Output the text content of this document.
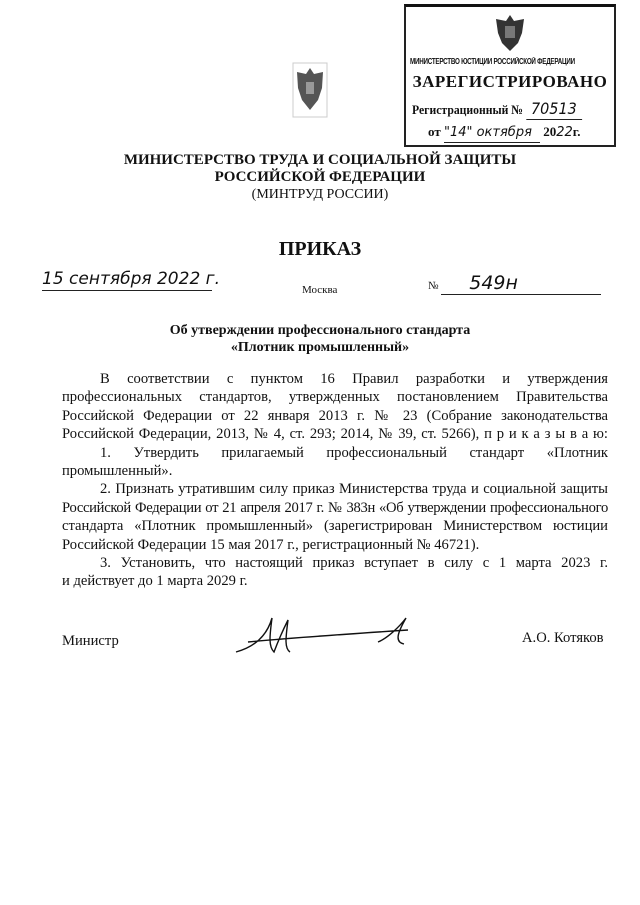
МИНИСТЕРСТВО ЮСТИЦИИ РОССИЙСКОЙ ФЕДЕРАЦИИ
ЗАРЕГИСТРИРОВАНО
Регистрационный № 70513
от "14" октября 2022г.
МИНИСТЕРСТВО ТРУДА И СОЦИАЛЬНОЙ ЗАЩИТЫ
РОССИЙСКОЙ ФЕДЕРАЦИИ
(МИНТРУД РОССИИ)
ПРИКАЗ
15 сентября 2022 г.
Москва	№ 549н
Об утверждении профессионального стандарта
«Плотник промышленный»
В соответствии с пунктом 16 Правил разработки и утверждения
профессиональных стандартов, утвержденных постановлением Правительства
Российской Федерации от 22 января 2013 г. № 23 (Собрание законодательства
Российской Федерации, 2013, № 4, ст. 293; 2014, № 39, ст. 5266), п р и к а з ы в а ю:
1. Утвердить прилагаемый профессиональный стандарт «Плотник
промышленный».
2. Признать утратившим силу приказ Министерства труда и социальной защиты
Российской Федерации от 21 апреля 2017 г. № 383н «Об утверждении профессионального
стандарта «Плотник промышленный» (зарегистрирован Министерством юстиции
Российской Федерации 15 мая 2017 г., регистрационный № 46721).
3. Установить, что настоящий приказ вступает в силу с 1 марта 2023 г.
и действует до 1 марта 2029 г.
Министр	А.О. Котяков
